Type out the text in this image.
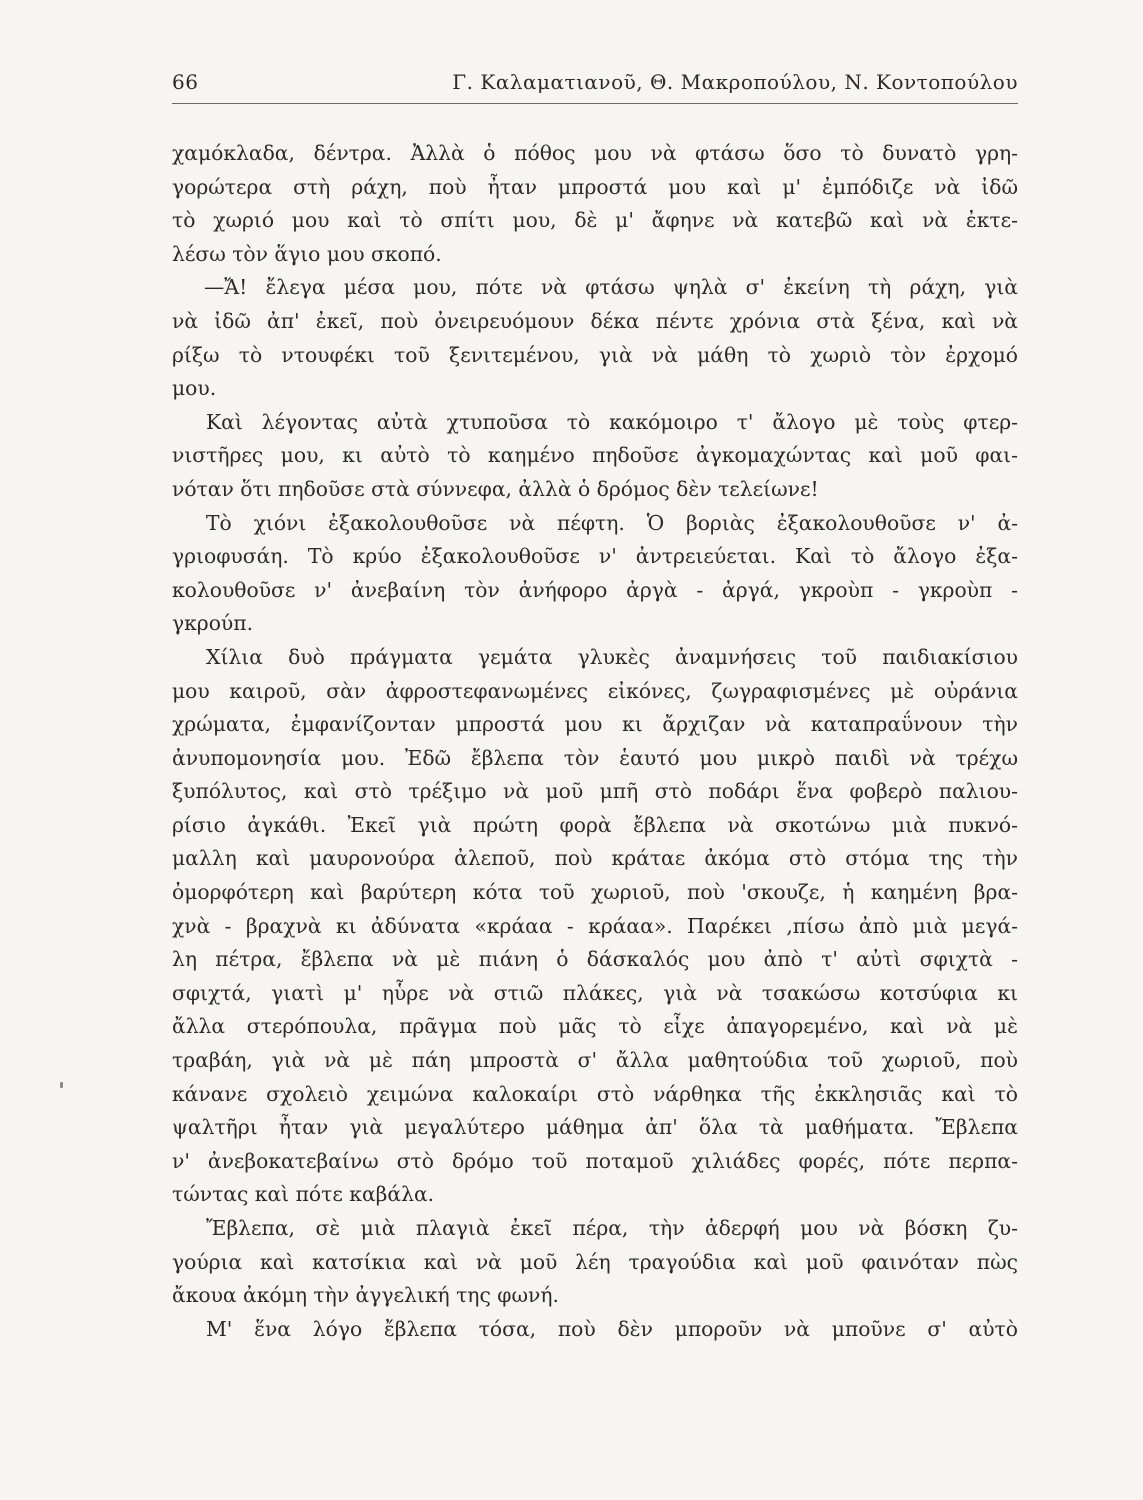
66	Γ. Καλαματιανοῦ, Θ. Μακροπούλου, Ν. Κοντοπούλου
χαμόκλαδα, δέντρα. Ἀλλὰ ὁ πόθος μου νὰ φτάσω ὅσο τὸ δυνατὸ γρη-
γορώτερα στὴ ράχη, ποὺ ἦταν μπροστά μου καὶ μ' ἐμπόδιζε νὰ ἰδῶ
τὸ χωριό μου καὶ τὸ σπίτι μου, δὲ μ' ἄφηνε νὰ κατεβῶ καὶ νὰ ἐκτε-
λέσω τὸν ἅγιο μου σκοπό.
—Ἄ! ἔλεγα μέσα μου, πότε νὰ φτάσω ψηλὰ σ' ἐκείνη τὴ ράχη, γιὰ
νὰ ἰδῶ ἀπ' ἐκεῖ, ποὺ ὀνειρευόμουν δέκα πέντε χρόνια στὰ ξένα, καὶ νὰ
ρίξω τὸ ντουφέκι τοῦ ξενιτεμένου, γιὰ νὰ μάθη τὸ χωριὸ τὸν ἐρχομό
μου.
Καὶ λέγοντας αὐτὰ χτυποῦσα τὸ κακόμοιρο τ' ἄλογο μὲ τοὺς φτερ-
νιστῆρες μου, κι αὐτὸ τὸ καημένο πηδοῦσε ἀγκομαχώντας καὶ μοῦ φαι-
νόταν ὅτι πηδοῦσε στὰ σύννεφα, ἀλλὰ ὁ δρόμος δὲν τελείωνε!
Τὸ χιόνι ἐξακολουθοῦσε νὰ πέφτη. Ὁ βοριὰς ἐξακολουθοῦσε ν' ἀ-
γριοφυσάη. Τὸ κρύο ἐξακολουθοῦσε ν' ἀντρειεύεται. Καὶ τὸ ἄλογο ἐξα-
κολουθοῦσε ν' ἀνεβαίνη τὸν ἀνήφορο ἀργὰ - ἀργά, γκροὺπ - γκροὺπ -
γκρούπ.
Χίλια δυὸ πράγματα γεμάτα γλυκὲς ἀναμνήσεις τοῦ παιδιακίσιου
μου καιροῦ, σὰν ἀφροστεφανωμένες εἰκόνες, ζωγραφισμένες μὲ οὐράνια
χρώματα, ἐμφανίζονταν μπροστά μου κι ἄρχιζαν νὰ καταπραΰνουν τὴν
ἀνυπομονησία μου. Ἐδῶ ἔβλεπα τὸν ἑαυτό μου μικρὸ παιδὶ νὰ τρέχω
ξυπόλυτος, καὶ στὸ τρέξιμο νὰ μοῦ μπῆ στὸ ποδάρι ἕνα φοβερὸ παλιου-
ρίσιο ἀγκάθι. Ἐκεῖ γιὰ πρώτη φορὰ ἔβλεπα νὰ σκοτώνω μιὰ πυκνό-
μαλλη καὶ μαυρονούρα ἀλεποῦ, ποὺ κράταε ἀκόμα στὸ στόμα της τὴν
ὀμορφότερη καὶ βαρύτερη κότα τοῦ χωριοῦ, ποὺ 'σκουζε, ἡ καημένη βρα-
χνὰ - βραχνὰ κι ἀδύνατα «κράαα - κράαα». Παρέκει ,πίσω ἀπὸ μιὰ μεγά-
λη πέτρα, ἔβλεπα νὰ μὲ πιάνη ὁ δάσκαλός μου ἀπὸ τ' αὐτὶ σφιχτὰ -
σφιχτά, γιατὶ μ' ηὗρε νὰ στιῶ πλάκες, γιὰ νὰ τσακώσω κοτσύφια κι
ἄλλα στερόπουλα, πρᾶγμα ποὺ μᾶς τὸ εἶχε ἀπαγορεμένο, καὶ νὰ μὲ
τραβάη, γιὰ νὰ μὲ πάη μπροστὰ σ' ἄλλα μαθητούδια τοῦ χωριοῦ, ποὺ
κάνανε σχολειὸ χειμώνα καλοκαίρι στὸ νάρθηκα τῆς ἐκκλησιᾶς καὶ τὸ
ψαλτῆρι ἦταν γιὰ μεγαλύτερο μάθημα ἀπ' ὅλα τὰ μαθήματα. Ἔβλεπα
ν' ἀνεβοκατεβαίνω στὸ δρόμο τοῦ ποταμοῦ χιλιάδες φορές, πότε περπα-
τώντας καὶ πότε καβάλα.
Ἔβλεπα, σὲ μιὰ πλαγιὰ ἐκεῖ πέρα, τὴν ἀδερφή μου νὰ βόσκη ζυ-
γούρια καὶ κατσίκια καὶ νὰ μοῦ λέη τραγούδια καὶ μοῦ φαινόταν πὼς
ἄκουα ἀκόμη τὴν ἀγγελική της φωνή.
Μ' ἕνα λόγο ἔβλεπα τόσα, ποὺ δὲν μποροῦν νὰ μποῦνε σ' αὐτὸ
